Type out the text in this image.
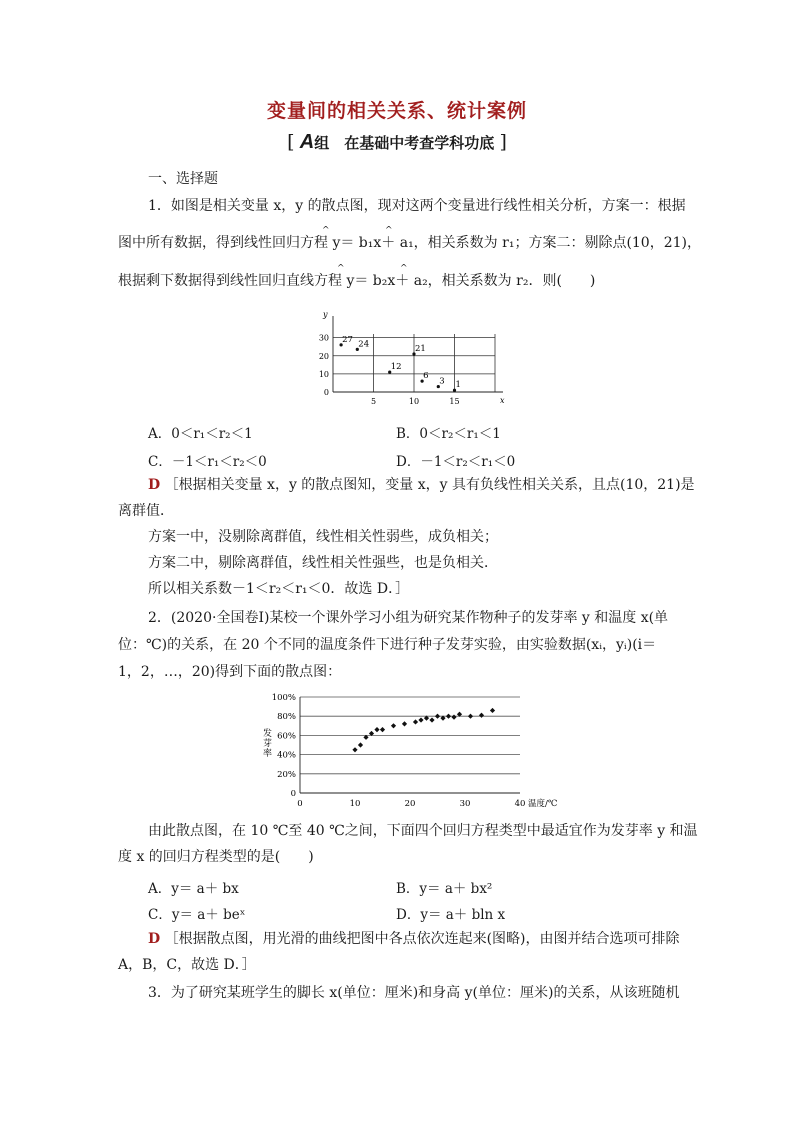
变量间的相关关系、统计案例
[ A组　在基础中考查学科功底 ]
一、选择题
1．如图是相关变量 x，y 的散点图，现对这两个变量进行线性相关分析，方案一：根据
^	^
图中所有数据，得到线性回归方程 y＝ b₁x＋ a₁，相关系数为 r₁；方案二：剔除点(10，21)，
^	^
根据剩下数据得到线性回归直线方程 y＝ b₂x＋ a₂，相关系数为 r₂．则(　　)
y
x
0
10
20
30
5	10	15
27 24
12
21
6
3 1
A．0＜r₁＜r₂＜1	B．0＜r₂＜r₁＜1
C．－1＜r₁＜r₂＜0	D．－1＜r₂＜r₁＜0
D ［根据相关变量 x，y 的散点图知，变量 x，y 具有负线性相关关系，且点(10，21)是
离群值．
方案一中，没剔除离群值，线性相关性弱些，成负相关；
方案二中，剔除离群值，线性相关性强些，也是负相关．
所以相关系数－1＜r₂＜r₁＜0．故选 D．］
2．(2020·全国卷Ⅰ)某校一个课外学习小组为研究某作物种子的发芽率 y 和温度 x(单
位：℃)的关系，在 20 个不同的温度条件下进行种子发芽实验，由实验数据(xᵢ，yᵢ)(i＝
1，2，…，20)得到下面的散点图：
0
20%
40%
60%
80%
100%
0	10	20	30	40 温度/℃
发芽率
由此散点图，在 10 ℃至 40 ℃之间，下面四个回归方程类型中最适宜作为发芽率 y 和温
度 x 的回归方程类型的是(　　)
A．y＝ a＋ bx	B．y＝ a＋ bx²
C．y＝ a＋ beˣ	D．y＝ a＋ bln x
D ［根据散点图，用光滑的曲线把图中各点依次连起来(图略)，由图并结合选项可排除
A，B，C，故选 D．］
3．为了研究某班学生的脚长 x(单位：厘米)和身高 y(单位：厘米)的关系，从该班随机
